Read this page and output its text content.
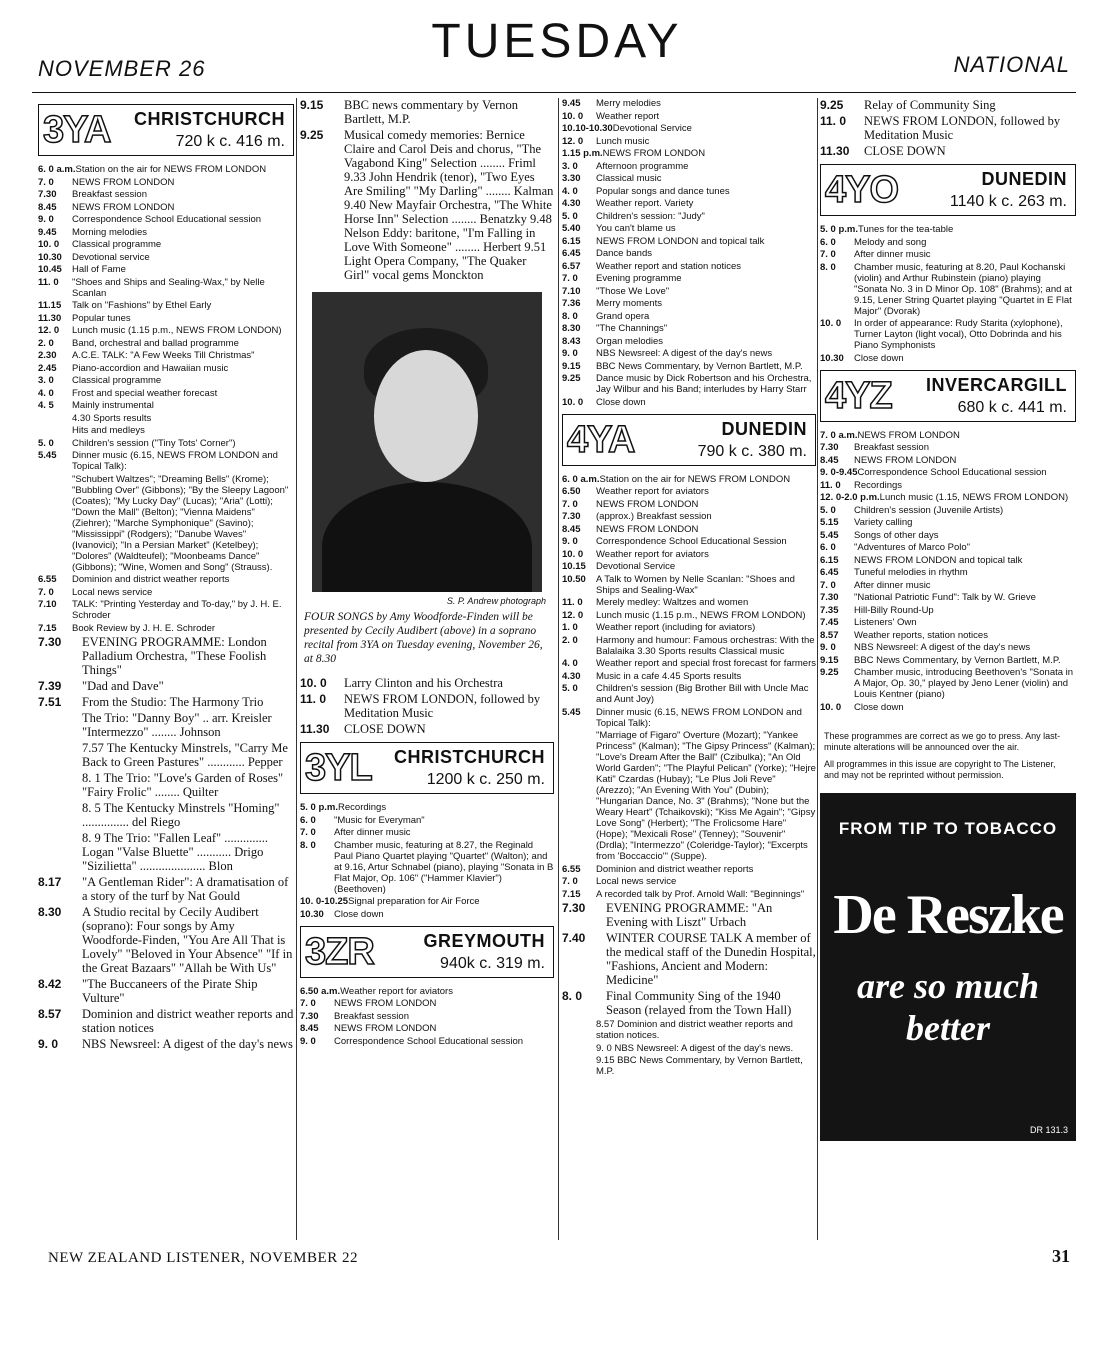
NOVEMBER 26
TUESDAY	NATIONAL
3YA CHRISTCHURCH
720 k c. 416 m.
6. 0 a.m. Station on the air for NEWS FROM LONDON
7. 0	NEWS FROM LONDON
7.30	Breakfast session
8.45	NEWS FROM LONDON
9. 0	Correspondence School Educational session
9.45	Morning melodies
10. 0	Classical programme
10.30	Devotional service
10.45	Hall of Fame
11. 0	"Shoes and Ships and Sealing-Wax," by Nelle Scanlan
11.15	Talk on "Fashions" by Ethel Early
11.30	Popular tunes
12. 0	Lunch music (1.15 p.m., NEWS FROM LONDON)
2. 0	Band, orchestral and ballad programme
2.30	A.C.E. TALK: "A Few Weeks Till Christmas"
2.45	Piano-accordion and Hawaiian music
3. 0	Classical programme
4. 0	Frost and special weather forecast
4. 5	Mainly instrumental
4.30 Sports results
Hits and medleys
5. 0	Children's session ("Tiny Tots' Corner")
5.45	Dinner music (6.15, NEWS FROM LONDON and Topical Talk):
"Schubert Waltzes"; "Dreaming Bells" (Krome); "Bubbling Over" (Gibbons); "By the Sleepy Lagoon" (Coates); "My Lucky Day" (Lucas); "Aria" (Lotti); "Down the Mall" (Belton); "Vienna Maidens" (Ziehrer); "Marche Symphonique" (Savino); "Mississippi" (Rodgers); "Danube Waves" (Ivanovici); "In a Persian Market" (Ketelbey); "Dolores" (Waldteufel); "Moonbeams Dance" (Gibbons); "Wine, Women and Song" (Strauss).
6.55	Dominion and district weather reports
7. 0	Local news service
7.10	TALK: "Printing Yesterday and To-day," by J. H. E. Schroder
7.15	Book Review by J. H. E. Schroder
7.30	EVENING PROGRAMME: London Palladium Orchestra, "These Foolish Things"
7.39	"Dad and Dave"
7.51	From the Studio: The Harmony Trio
The Trio: "Danny Boy" .. arr. Kreisler "Intermezzo" ........ Johnson
7.57 The Kentucky Minstrels, "Carry Me Back to Green Pastures" ............ Pepper
8. 1 The Trio: "Love's Garden of Roses" "Fairy Frolic" ........ Quilter
8. 5 The Kentucky Minstrels "Homing" ............... del Riego
8. 9 The Trio: "Fallen Leaf" .............. Logan "Valse Bluette" ........... Drigo "Sizilietta" ..................... Blon
8.17	"A Gentleman Rider": A dramatisation of a story of the turf by Nat Gould
8.30	A Studio recital by Cecily Audibert (soprano): Four songs by Amy Woodforde-Finden, "You Are All That is Lovely" "Beloved in Your Absence" "If in the Great Bazaars" "Allah be With Us"
8.42	"The Buccaneers of the Pirate Ship Vulture"
8.57	Dominion and district weather reports and station notices
9. 0	NBS Newsreel: A digest of the day's news
9.15	BBC news commentary by Vernon Bartlett, M.P.
9.25	Musical comedy memories: Bernice Claire and Carol Deis and chorus, "The Vagabond King" Selection ........ Friml 9.33 John Hendrik (tenor), "Two Eyes Are Smiling" "My Darling" ........ Kalman 9.40 New Mayfair Orchestra, "The White Horse Inn" Selection ........ Benatzky 9.48 Nelson Eddy: baritone, "I'm Falling in Love With Someone" ........ Herbert 9.51 Light Opera Company, "The Quaker Girl" vocal gems Monckton
S. P. Andrew photograph
FOUR SONGS by Amy Woodforde-Finden will be presented by Cecily Audibert (above) in a soprano recital from 3YA on Tuesday evening, November 26, at 8.30
10. 0	Larry Clinton and his Orchestra
11. 0	NEWS FROM LONDON, followed by Meditation Music
11.30	CLOSE DOWN
3YL CHRISTCHURCH
1200 k c. 250 m.
5. 0 p.m. Recordings
6. 0	"Music for Everyman"
7. 0	After dinner music
8. 0	Chamber music, featuring at 8.27, the Reginald Paul Piano Quartet playing "Quartet" (Walton); and at 9.16, Artur Schnabel (piano), playing "Sonata in B Flat Major, Op. 106" ("Hammer Klavier") (Beethoven)
10. 0-10.25 Signal preparation for Air Force
10.30	Close down
3ZR	GREYMOUTH
940k c. 319 m.
6.50 a.m. Weather report for aviators
7. 0	NEWS FROM LONDON
7.30	Breakfast session
8.45	NEWS FROM LONDON
9. 0	Correspondence School Educational session
9.45	Merry melodies
10. 0	Weather report
10.10-10.30 Devotional Service
12. 0	Lunch music
1.15 p.m. NEWS FROM LONDON
3. 0	Afternoon programme
3.30	Classical music
4. 0	Popular songs and dance tunes
4.30	Weather report. Variety
5. 0	Children's session: "Judy"
5.40	You can't blame us
6.15	NEWS FROM LONDON and topical talk
6.45	Dance bands
6.57	Weather report and station notices
7. 0	Evening programme
7.10	"Those We Love"
7.36	Merry moments
8. 0	Grand opera
8.30	"The Channings"
8.43	Organ melodies
9. 0	NBS Newsreel: A digest of the day's news
9.15	BBC News Commentary, by Vernon Bartlett, M.P.
9.25	Dance music by Dick Robertson and his Orchestra, Jay Wilbur and his Band; interludes by Harry Starr
10. 0	Close down
4YA	DUNEDIN
790 k c. 380 m.
6. 0 a.m. Station on the air for NEWS FROM LONDON
6.50	Weather report for aviators
7. 0	NEWS FROM LONDON
7.30	(approx.) Breakfast session
8.45	NEWS FROM LONDON
9. 0	Correspondence School Educational Session
10. 0	Weather report for aviators
10.15	Devotional Service
10.50	A Talk to Women by Nelle Scanlan: "Shoes and Ships and Sealing-Wax"
11. 0	Merely medley: Waltzes and women
12. 0	Lunch music (1.15 p.m., NEWS FROM LONDON)
1. 0	Weather report (including for aviators)
2. 0	Harmony and humour: Famous orchestras: With the Balalaika 3.30 Sports results Classical music
4. 0	Weather report and special frost forecast for farmers
4.30	Music in a cafe 4.45 Sports results
5. 0	Children's session (Big Brother Bill with Uncle Mac and Aunt Joy)
5.45	Dinner music (6.15, NEWS FROM LONDON and Topical Talk):
"Marriage of Figaro" Overture (Mozart); "Yankee Princess" (Kalman); "The Gipsy Princess" (Kalman); "Love's Dream After the Ball" (Czibulka); "An Old World Garden"; "The Playful Pelican" (Yorke); "Hejre Kati" Czardas (Hubay); "Le Plus Joli Reve" (Arezzo); "An Evening With You" (Dubin); "Hungarian Dance, No. 3" (Brahms); "None but the Weary Heart" (Tchaikovski); "Kiss Me Again"; "Gipsy Love Song" (Herbert); "The Frolicsome Hare" (Hope); "Mexicali Rose" (Tenney); "Souvenir" (Drdla); "Intermezzo" (Coleridge-Taylor); "Excerpts from 'Boccaccio'" (Suppe).
6.55	Dominion and district weather reports
7. 0	Local news service
7.15	A recorded talk by Prof. Arnold Wall: "Beginnings"
7.30	EVENING PROGRAMME: "An Evening with Liszt" Urbach
7.40	WINTER COURSE TALK A member of the medical staff of the Dunedin Hospital, "Fashions, Ancient and Modern: Medicine"
8. 0	Final Community Sing of the 1940 Season (relayed from the Town Hall)
8.57 Dominion and district weather reports and station notices.
9. 0 NBS Newsreel: A digest of the day's news.
9.15 BBC News Commentary, by Vernon Bartlett, M.P.
9.25	Relay of Community Sing
11. 0	NEWS FROM LONDON, followed by Meditation Music
11.30	CLOSE DOWN
4YO	DUNEDIN
1140 k c. 263 m.
5. 0 p.m. Tunes for the tea-table
6. 0	Melody and song
7. 0	After dinner music
8. 0	Chamber music, featuring at 8.20, Paul Kochanski (violin) and Arthur Rubinstein (piano) playing "Sonata No. 3 in D Minor Op. 108" (Brahms); and at 9.15, Lener String Quartet playing "Quartet in E Flat Major" (Dvorak)
10. 0	In order of appearance: Rudy Starita (xylophone), Turner Layton (light vocal), Otto Dobrinda and his Piano Symphonists
10.30	Close down
4YZ INVERCARGILL
680 k c. 441 m.
7. 0 a.m. NEWS FROM LONDON
7.30	Breakfast session
8.45	NEWS FROM LONDON
9. 0-9.45 Correspondence School Educational session
11. 0	Recordings
12. 0-2.0 p.m. Lunch music (1.15, NEWS FROM LONDON)
5. 0	Children's session (Juvenile Artists)
5.15	Variety calling
5.45	Songs of other days
6. 0	"Adventures of Marco Polo"
6.15	NEWS FROM LONDON and topical talk
6.45	Tuneful melodies in rhythm
7. 0	After dinner music
7.30	"National Patriotic Fund": Talk by W. Grieve
7.35	Hill-Billy Round-Up
7.45	Listeners' Own
8.57	Weather reports, station notices
9. 0	NBS Newsreel: A digest of the day's news
9.15	BBC News Commentary, by Vernon Bartlett, M.P.
9.25	Chamber music, introducing Beethoven's "Sonata in A Major, Op. 30," played by Jeno Lener (violin) and Louis Kentner (piano)
10. 0	Close down

These programmes are correct as we go to press. Any last-minute alterations will be announced over the air.

All programmes in this issue are copyright to The Listener, and may not be reprinted without permission.

FROM TIP TO TOBACCO
De Reszke
are so much better
DR 131.3
NEW ZEALAND LISTENER, NOVEMBER 22	31
